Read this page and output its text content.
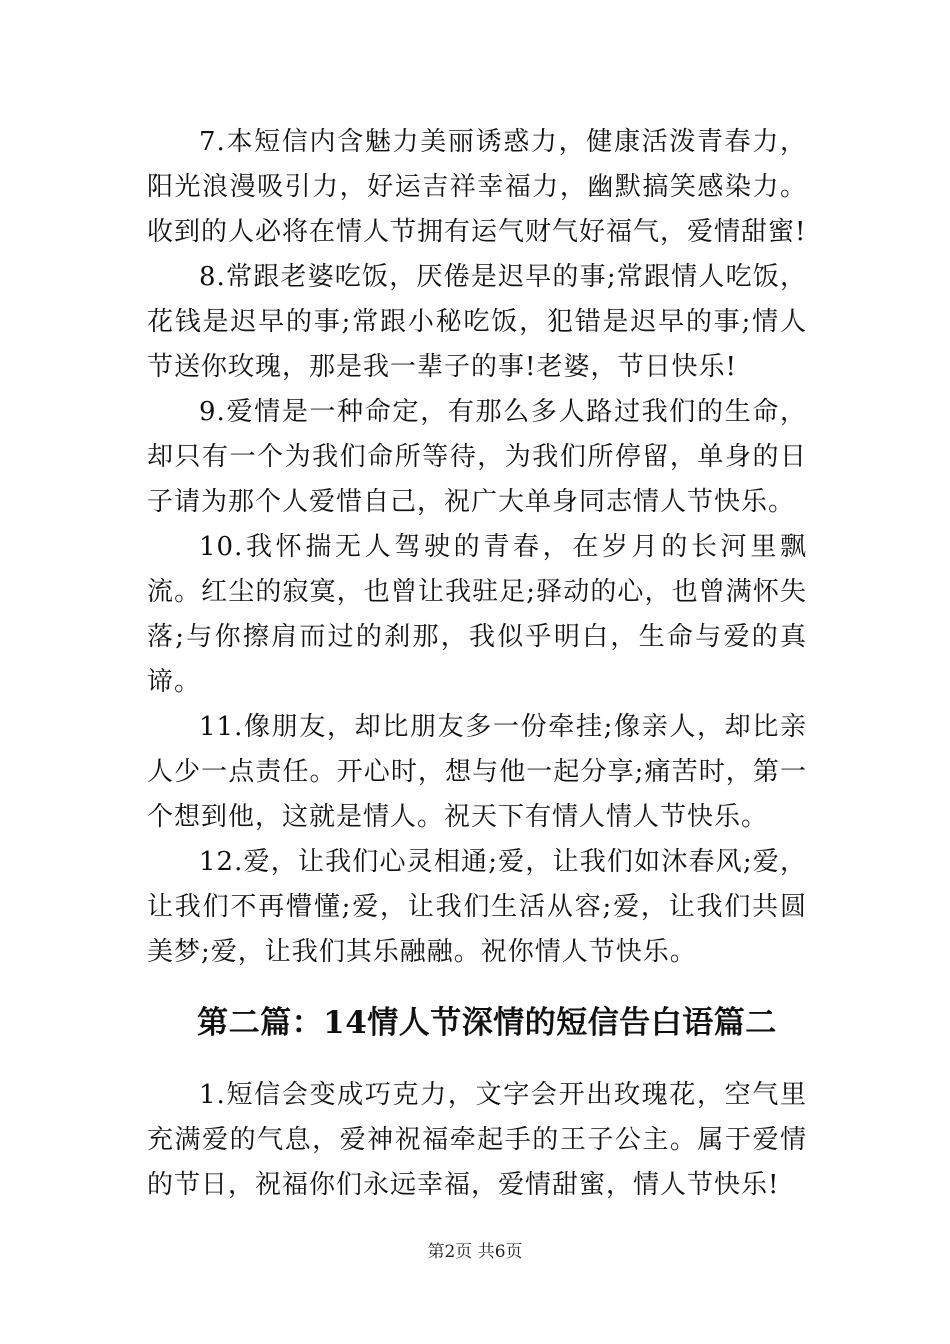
7.本短信内含魅力美丽诱惑力，健康活泼青春力，阳光浪漫吸引力，好运吉祥幸福力，幽默搞笑感染力。收到的人必将在情人节拥有运气财气好福气，爱情甜蜜!

8.常跟老婆吃饭，厌倦是迟早的事;常跟情人吃饭，花钱是迟早的事;常跟小秘吃饭，犯错是迟早的事;情人节送你玫瑰，那是我一辈子的事!老婆，节日快乐!

9.爱情是一种命定，有那么多人路过我们的生命，却只有一个为我们命所等待，为我们所停留，单身的日子请为那个人爱惜自己，祝广大单身同志情人节快乐。

10.我怀揣无人驾驶的青春，在岁月的长河里飘流。红尘的寂寞，也曾让我驻足;驿动的心，也曾满怀失落;与你擦肩而过的刹那，我似乎明白，生命与爱的真谛。

11.像朋友，却比朋友多一份牵挂;像亲人，却比亲人少一点责任。开心时，想与他一起分享;痛苦时，第一个想到他，这就是情人。祝天下有情人情人节快乐。

12.爱，让我们心灵相通;爱，让我们如沐春风;爱，让我们不再懵懂;爱，让我们生活从容;爱，让我们共圆美梦;爱，让我们其乐融融。祝你情人节快乐。

第二篇：14情人节深情的短信告白语篇二

1.短信会变成巧克力，文字会开出玫瑰花，空气里充满爱的气息，爱神祝福牵起手的王子公主。属于爱情的节日，祝福你们永远幸福，爱情甜蜜，情人节快乐!

第2页 共6页
